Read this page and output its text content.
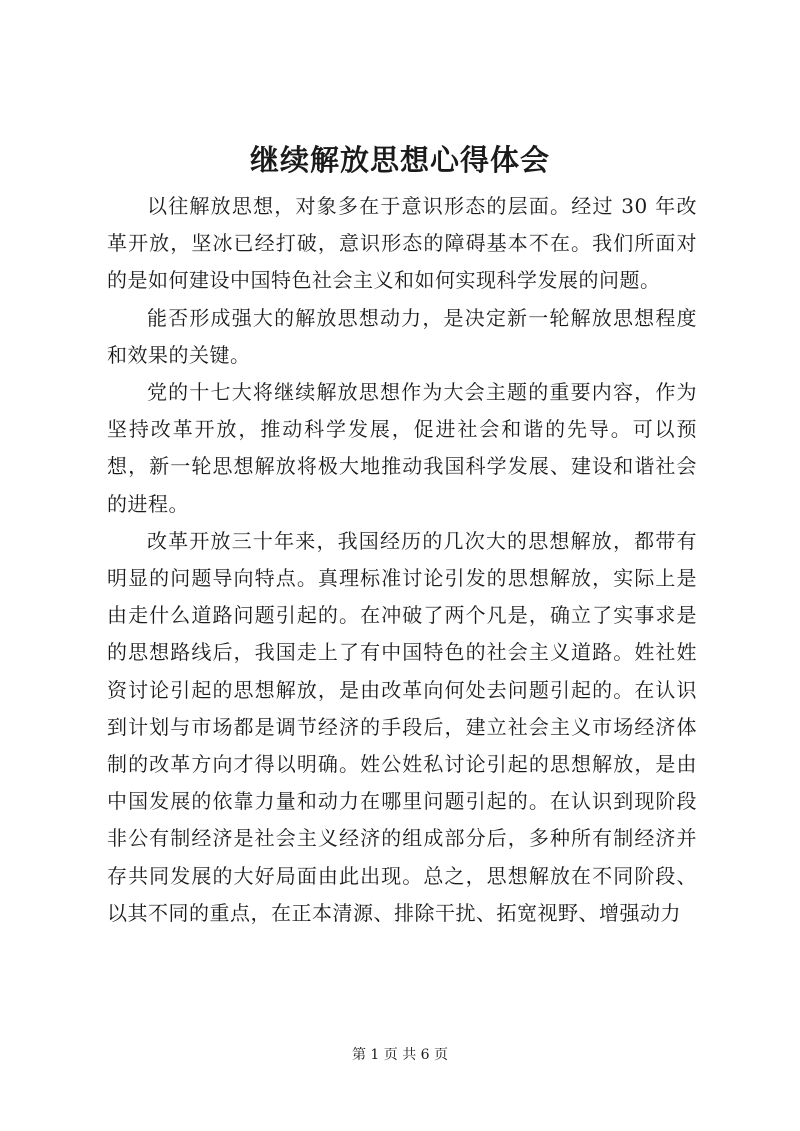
继续解放思想心得体会

以往解放思想，对象多在于意识形态的层面。经过 30 年改革开放，坚冰已经打破，意识形态的障碍基本不在。我们所面对的是如何建设中国特色社会主义和如何实现科学发展的问题。

能否形成强大的解放思想动力，是决定新一轮解放思想程度和效果的关键。

党的十七大将继续解放思想作为大会主题的重要内容，作为坚持改革开放，推动科学发展，促进社会和谐的先导。可以预想，新一轮思想解放将极大地推动我国科学发展、建设和谐社会的进程。

改革开放三十年来，我国经历的几次大的思想解放，都带有明显的问题导向特点。真理标准讨论引发的思想解放，实际上是由走什么道路问题引起的。在冲破了两个凡是，确立了实事求是的思想路线后，我国走上了有中国特色的社会主义道路。姓社姓资讨论引起的思想解放，是由改革向何处去问题引起的。在认识到计划与市场都是调节经济的手段后，建立社会主义市场经济体制的改革方向才得以明确。姓公姓私讨论引起的思想解放，是由中国发展的依靠力量和动力在哪里问题引起的。在认识到现阶段非公有制经济是社会主义经济的组成部分后，多种所有制经济并存共同发展的大好局面由此出现。总之，思想解放在不同阶段、以其不同的重点，在正本清源、排除干扰、拓宽视野、增强动力

第 1 页 共 6 页
